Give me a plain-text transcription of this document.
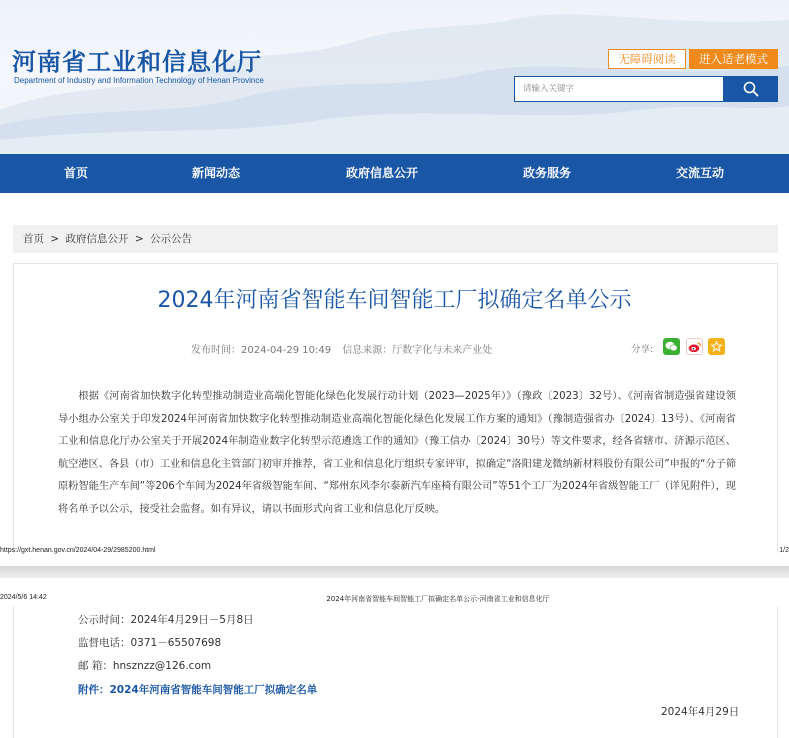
河南省工业和信息化厅
Department of Industry and Information Technology of Henan Province
无障碍阅读	进入适老模式
请输入关键字
首页	新闻动态	政府信息公开	政务服务	交流互动
首页 > 政府信息公开 > 公示公告
2024年河南省智能车间智能工厂拟确定名单公示
发布时间：2024-04-29 10:49 信息来源：厅数字化与未来产业处	分享:
根据《河南省加快数字化转型推动制造业高端化智能化绿色化发展行动计划（2023—2025年）》（豫政〔2023〕32号）、《河南省制造强省建设领导小组办公室关于印发2024年河南省加快数字化转型推动制造业高端化智能化绿色化发展工作方案的通知》（豫制造强省办〔2024〕13号）、《河南省工业和信息化厅办公室关于开展2024年制造业数字化转型示范遴选工作的通知》（豫工信办〔2024〕30号）等文件要求，经各省辖市、济源示范区、航空港区、各县（市）工业和信息化主管部门初审并推荐，省工业和信息化厅组织专家评审，拟确定“洛阳建龙微纳新材料股份有限公司”申报的“分子筛原粉智能生产车间”等206个车间为2024年省级智能车间、“郑州东风李尔泰新汽车座椅有限公司”等51个工厂为2024年省级智能工厂（详见附件），现将名单予以公示，接受社会监督。如有异议，请以书面形式向省工业和信息化厅反映。
https://gxt.henan.gov.cn/2024/04-29/2985200.html	1/2
2024/5/6 14:42	2024年河南省智能车间智能工厂拟确定名单公示-河南省工业和信息化厅
公示时间：2024年4月29日－5月8日
监督电话：0371－65507698
邮 箱：hnsznzz@126.com
附件：2024年河南省智能车间智能工厂拟确定名单
2024年4月29日
